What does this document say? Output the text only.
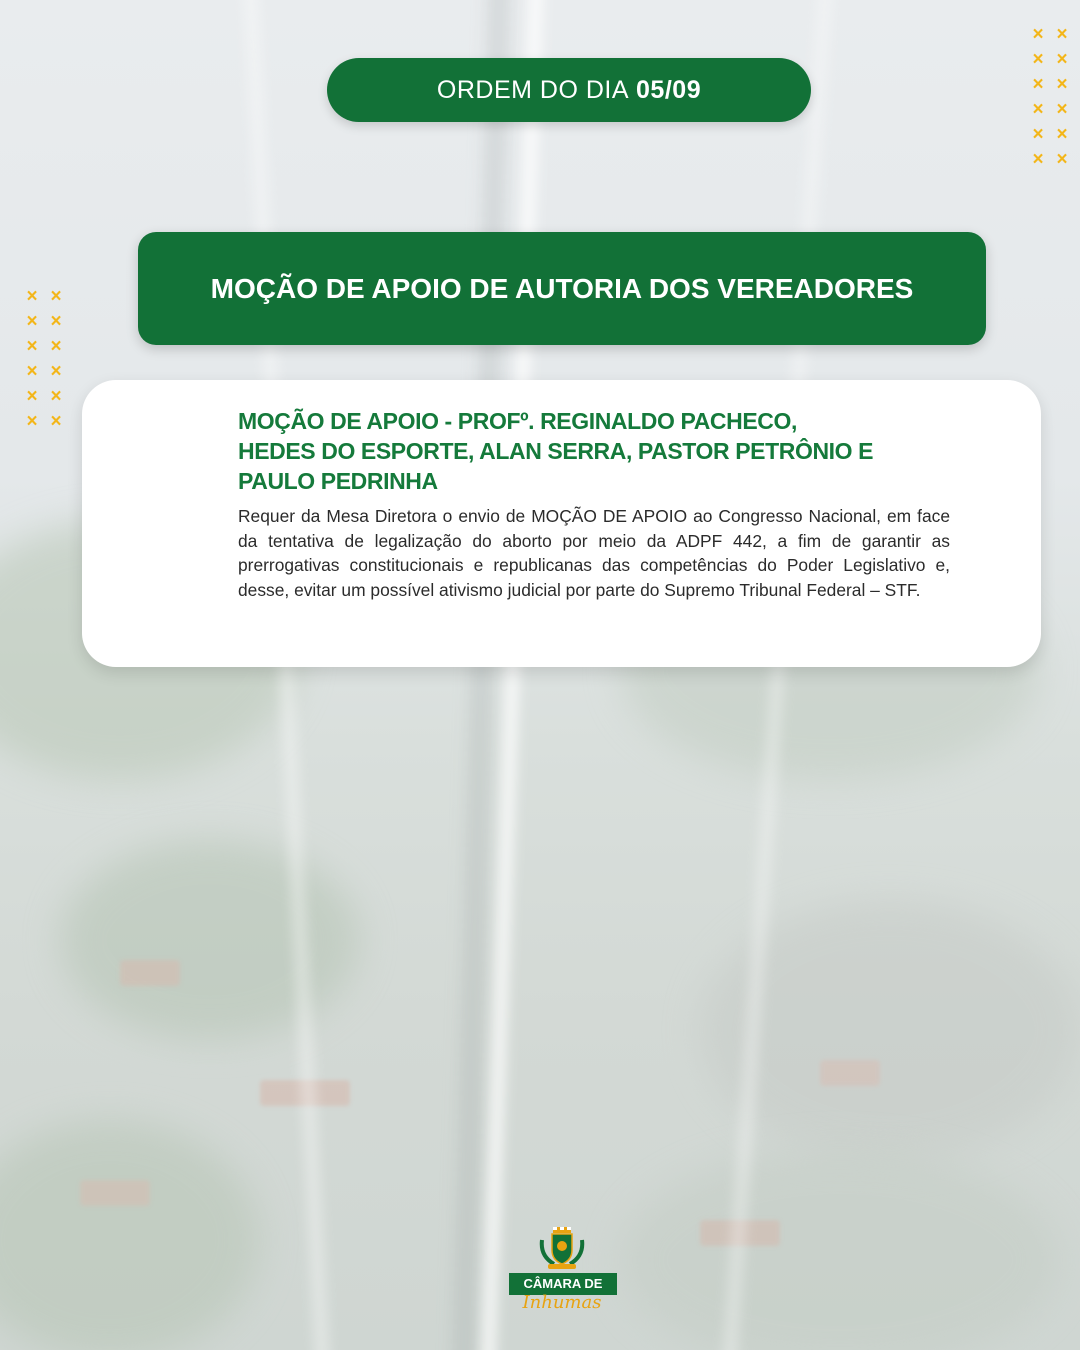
× ×
× ×
× ×
× ×
× ×
× ×
× ×
× ×
× ×
× ×
× ×
× ×
ORDEM DO DIA 05/09
MOÇÃO DE APOIO DE AUTORIA DOS VEREADORES
MOÇÃO DE APOIO - PROFº. REGINALDO PACHECO,
HEDES DO ESPORTE, ALAN SERRA, PASTOR PETRÔNIO E
PAULO PEDRINHA
Requer da Mesa Diretora o envio de MOÇÃO DE APOIO ao Congresso Nacional, em face da tentativa de legalização do aborto por meio da ADPF 442, a fim de garantir as prerrogativas constitucionais e republicanas das competências do Poder Legislativo e, desse, evitar um possível ativismo judicial por parte do Supremo Tribunal Federal – STF.
CÂMARA DE
Inhumas
